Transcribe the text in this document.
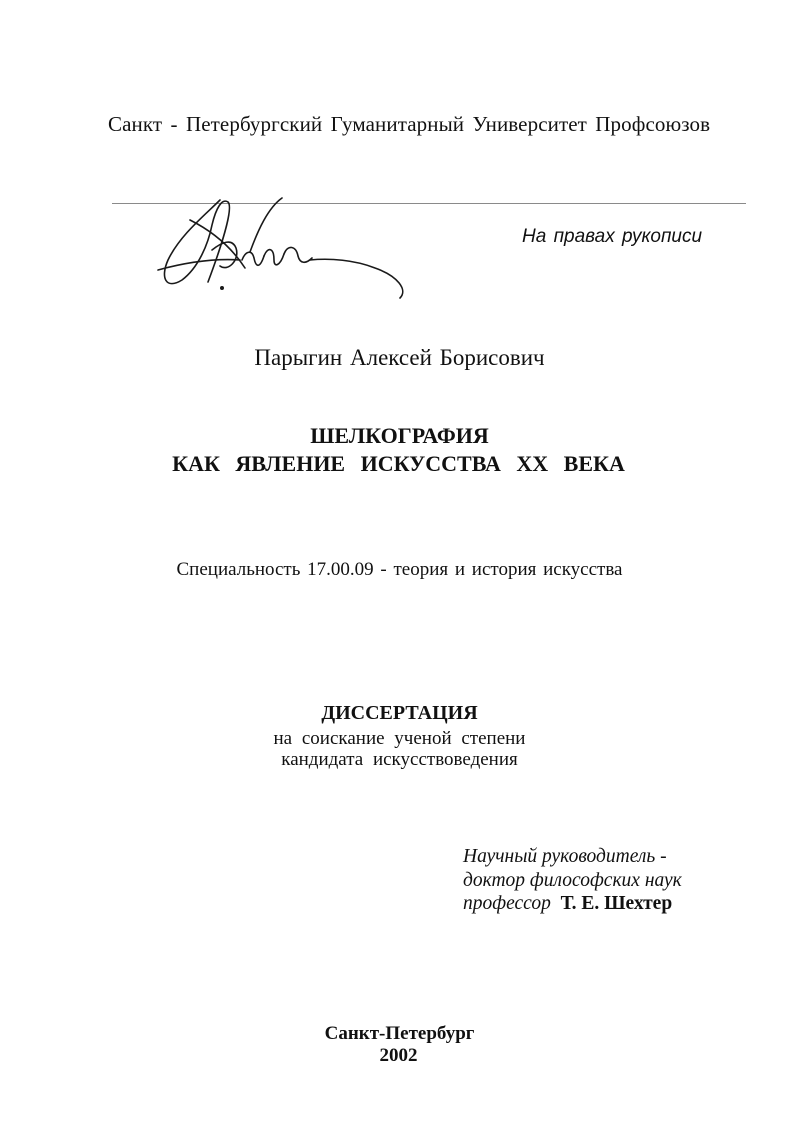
Санкт - Петербургский Гуманитарный Университет Профсоюзов
На правах рукописи
Парыгин Алексей Борисович
ШЕЛКОГРАФИЯ
КАК ЯВЛЕНИЕ ИСКУССТВА XX ВЕКА
Специальность 17.00.09 - теория и история искусства
ДИССЕРТАЦИЯ
на соискание ученой степени
кандидата искусствоведения
Научный руководитель -
доктор философских наук
профессор Т. Е. Шехтер
Санкт-Петербург
2002
